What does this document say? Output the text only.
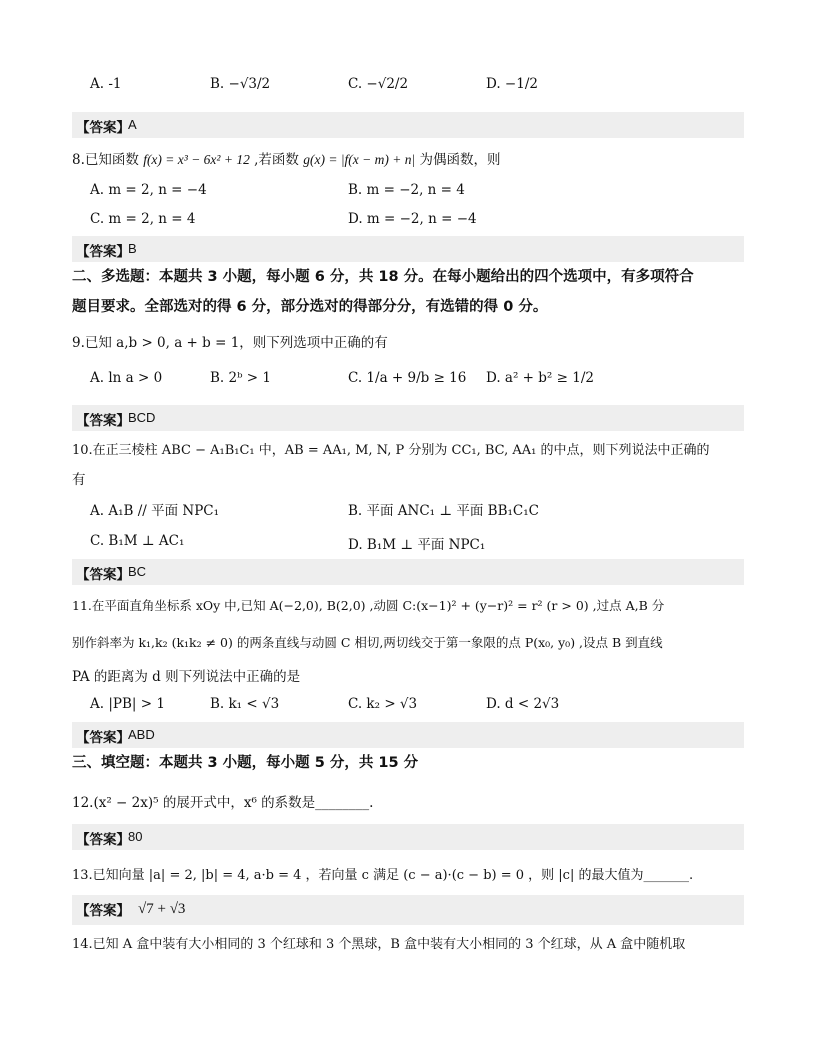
A. -1	B. −√3/2	C. −√2/2	D. −1/2
【答案】
A
8.已知函数 f(x) = x³ − 6x² + 12 ,若函数 g(x) = |f(x − m) + n| 为偶函数，则
A. m = 2, n = −4	B. m = −2, n = 4
C. m = 2, n = 4	D. m = −2, n = −4
【答案】
B
二、多选题：本题共 3 小题，每小题 6 分，共 18 分。在每小题给出的四个选项中，有多项符合
题目要求。全部选对的得 6 分，部分选对的得部分分，有选错的得 0 分。
9.已知 a,b > 0, a + b = 1，则下列选项中正确的有
A. ln a > 0	B. 2ᵇ > 1	C. 1/a + 9/b ≥ 16 D. a² + b² ≥ 1/2
【答案】
BCD
10.在正三棱柱 ABC − A₁B₁C₁ 中，AB = AA₁, M, N, P 分别为 CC₁, BC, AA₁ 的中点，则下列说法中正确的
有
A. A₁B // 平面 NPC₁	B. 平面 ANC₁ ⊥ 平面 BB₁C₁C
C. B₁M ⊥ AC₁	D. B₁M ⊥ 平面 NPC₁
【答案】
BC
11.在平面直角坐标系 xOy 中,已知 A(−2,0), B(2,0) ,动圆 C:(x−1)² + (y−r)² = r² (r > 0) ,过点 A,B 分
别作斜率为 k₁,k₂ (k₁k₂ ≠ 0) 的两条直线与动圆 C 相切,两切线交于第一象限的点 P(x₀, y₀) ,设点 B 到直线
PA 的距离为 d 则下列说法中正确的是
A. |PB| > 1	B. k₁ < √3	C. k₂ > √3	D. d < 2√3
【答案】
ABD
三、填空题：本题共 3 小题，每小题 5 分，共 15 分
12.(x² − 2x)⁵ 的展开式中，x⁶ 的系数是________.
【答案】
80
13.已知向量 |a| = 2, |b| = 4, a·b = 4 ，若向量 c 满足 (c − a)·(c − b) = 0 ，则 |c| 的最大值为_______.
【答案】 √7 + √3
14.已知 A 盒中装有大小相同的 3 个红球和 3 个黑球，B 盒中装有大小相同的 3 个红球，从 A 盒中随机取
